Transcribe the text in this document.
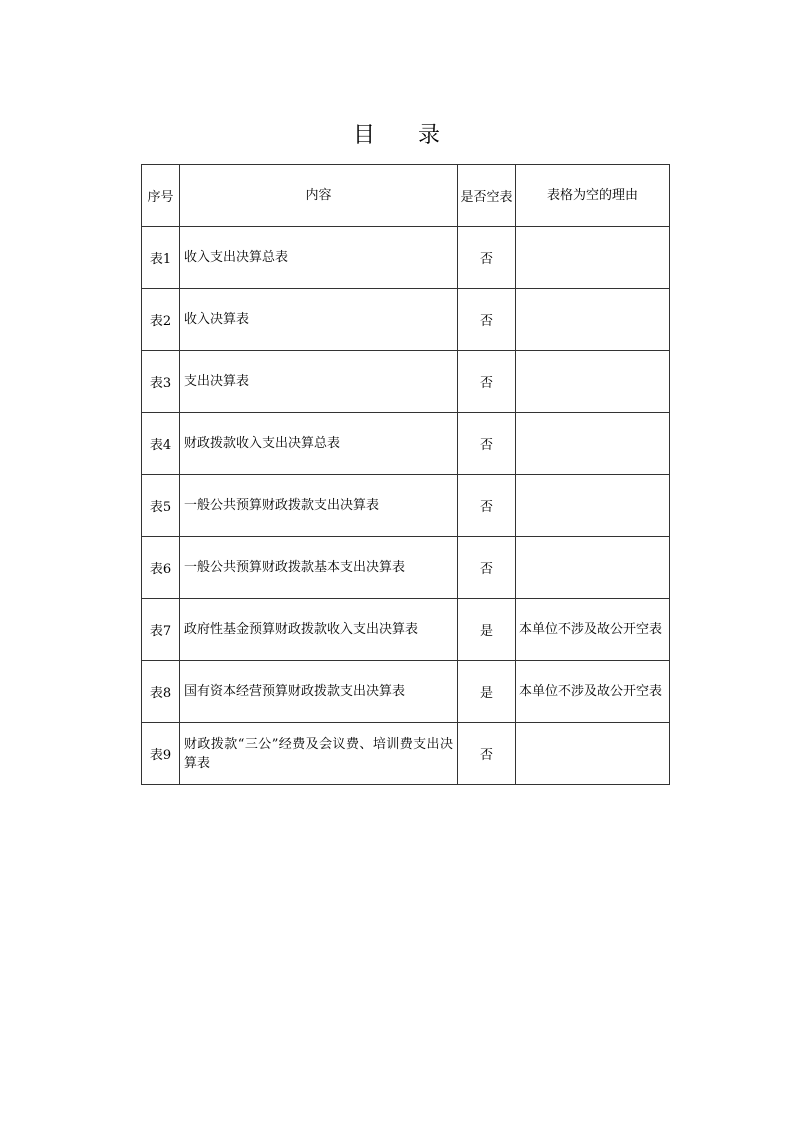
目 录
序号	内容	是否空表	表格为空的理由
表1	收入支出决算总表	否	
表2	收入决算表	否	
表3	支出决算表	否	
表4	财政拨款收入支出决算总表	否	
表5	一般公共预算财政拨款支出决算表	否	
表6	一般公共预算财政拨款基本支出决算表	否	
表7	政府性基金预算财政拨款收入支出决算表	是	本单位不涉及故公开空表
表8	国有资本经营预算财政拨款支出决算表	是	本单位不涉及故公开空表
表9	财政拨款“三公”经费及会议费、培训费支出决算表	否	
